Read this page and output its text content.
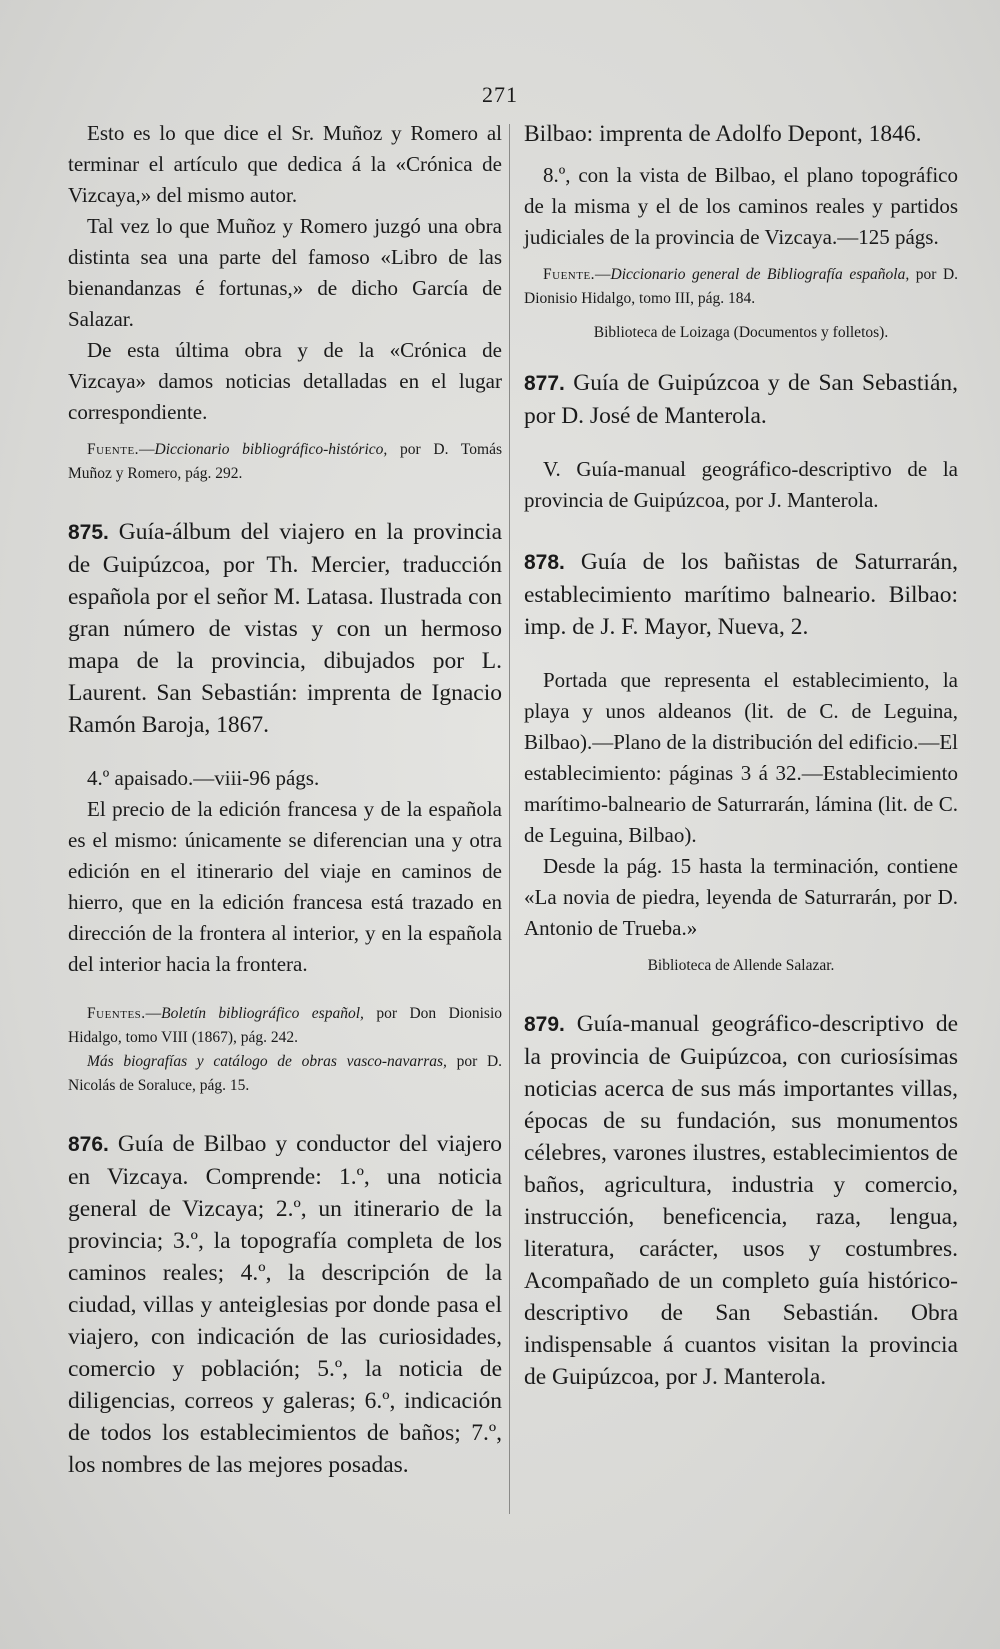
271

Esto es lo que dice el Sr. Muñoz y Romero al terminar el artículo que dedica á la «Crónica de Vizcaya,» del mismo autor.

Tal vez lo que Muñoz y Romero juzgó una obra distinta sea una parte del famoso «Libro de las bienandanzas é fortunas,» de dicho García de Salazar.

De esta última obra y de la «Crónica de Vizcaya» damos noticias detalladas en el lugar correspondiente.

Fuente.—Diccionario bibliográfico-histórico, por D. Tomás Muñoz y Romero, pág. 292.

875. Guía-álbum del viajero en la provincia de Guipúzcoa, por Th. Mercier, traducción española por el señor M. Latasa. Ilustrada con gran número de vistas y con un hermoso mapa de la provincia, dibujados por L. Laurent. San Sebastián: imprenta de Ignacio Ramón Baroja, 1867.

4.º apaisado.—viii-96 págs.

El precio de la edición francesa y de la española es el mismo: únicamente se diferencian una y otra edición en el itinerario del viaje en caminos de hierro, que en la edición francesa está trazado en dirección de la frontera al interior, y en la española del interior hacia la frontera.

Fuentes.—Boletín bibliográfico español, por Don Dionisio Hidalgo, tomo VIII (1867), pág. 242.

Más biografías y catálogo de obras vasco-navarras, por D. Nicolás de Soraluce, pág. 15.

876. Guía de Bilbao y conductor del viajero en Vizcaya. Comprende: 1.º, una noticia general de Vizcaya; 2.º, un itinerario de la provincia; 3.º, la topografía completa de los caminos reales; 4.º, la descripción de la ciudad, villas y anteiglesias por donde pasa el viajero, con indicación de las curiosidades, comercio y población; 5.º, la noticia de diligencias, correos y galeras; 6.º, indicación de todos los establecimientos de baños; 7.º, los nombres de las mejores posadas.

Bilbao: imprenta de Adolfo Depont, 1846.

8.º, con la vista de Bilbao, el plano topográfico de la misma y el de los caminos reales y partidos judiciales de la provincia de Vizcaya.—125 págs.

Fuente.—Diccionario general de Bibliografía española, por D. Dionisio Hidalgo, tomo III, pág. 184.

Biblioteca de Loizaga (Documentos y folletos).

877. Guía de Guipúzcoa y de San Sebastián, por D. José de Manterola.

V. Guía-manual geográfico-descriptivo de la provincia de Guipúzcoa, por J. Manterola.

878. Guía de los bañistas de Saturrarán, establecimiento marítimo balneario. Bilbao: imp. de J. F. Mayor, Nueva, 2.

Portada que representa el establecimiento, la playa y unos aldeanos (lit. de C. de Leguina, Bilbao).—Plano de la distribución del edificio.—El establecimiento: páginas 3 á 32.—Establecimiento marítimo-balneario de Saturrarán, lámina (lit. de C. de Leguina, Bilbao).

Desde la pág. 15 hasta la terminación, contiene «La novia de piedra, leyenda de Saturrarán, por D. Antonio de Trueba.»

Biblioteca de Allende Salazar.

879. Guía-manual geográfico-descriptivo de la provincia de Guipúzcoa, con curiosísimas noticias acerca de sus más importantes villas, épocas de su fundación, sus monumentos célebres, varones ilustres, establecimientos de baños, agricultura, industria y comercio, instrucción, beneficencia, raza, lengua, literatura, carácter, usos y costumbres. Acompañado de un completo guía histórico-descriptivo de San Sebastián. Obra indispensable á cuantos visitan la provincia de Guipúzcoa, por J. Manterola.
